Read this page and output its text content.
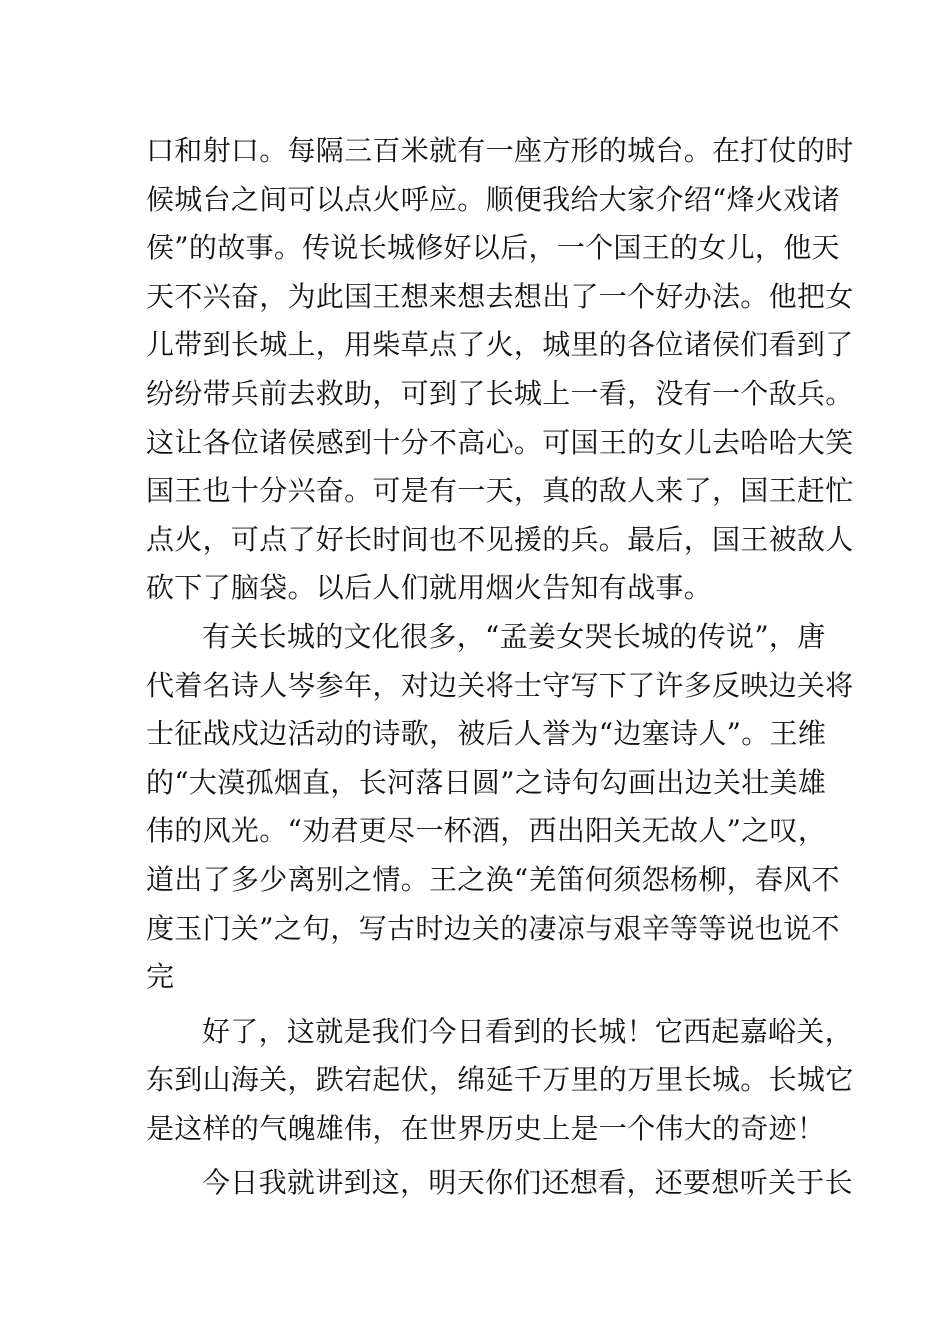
口和射口。每隔三百米就有一座方形的城台。在打仗的时
候城台之间可以点火呼应。顺便我给大家介绍“烽火戏诸
侯”的故事。传说长城修好以后，一个国王的女儿，他天
天不兴奋，为此国王想来想去想出了一个好办法。他把女
儿带到长城上，用柴草点了火，城里的各位诸侯们看到了
纷纷带兵前去救助，可到了长城上一看，没有一个敌兵。
这让各位诸侯感到十分不高心。可国王的女儿去哈哈大笑
国王也十分兴奋。可是有一天，真的敌人来了，国王赶忙
点火，可点了好长时间也不见援的兵。最后，国王被敌人
砍下了脑袋。以后人们就用烟火告知有战事。
有关长城的文化很多，“孟姜女哭长城的传说”，唐
代着名诗人岑参年，对边关将士守写下了许多反映边关将
士征战戍边活动的诗歌，被后人誉为“边塞诗人”。王维
的“大漠孤烟直，长河落日圆”之诗句勾画出边关壮美雄
伟的风光。“劝君更尽一杯酒，西出阳关无故人”之叹，
道出了多少离别之情。王之涣“羌笛何须怨杨柳，春风不
度玉门关”之句，写古时边关的凄凉与艰辛等等说也说不
完
好了，这就是我们今日看到的长城！它西起嘉峪关，
东到山海关，跌宕起伏，绵延千万里的万里长城。长城它
是这样的气魄雄伟，在世界历史上是一个伟大的奇迹！
今日我就讲到这，明天你们还想看，还要想听关于长
